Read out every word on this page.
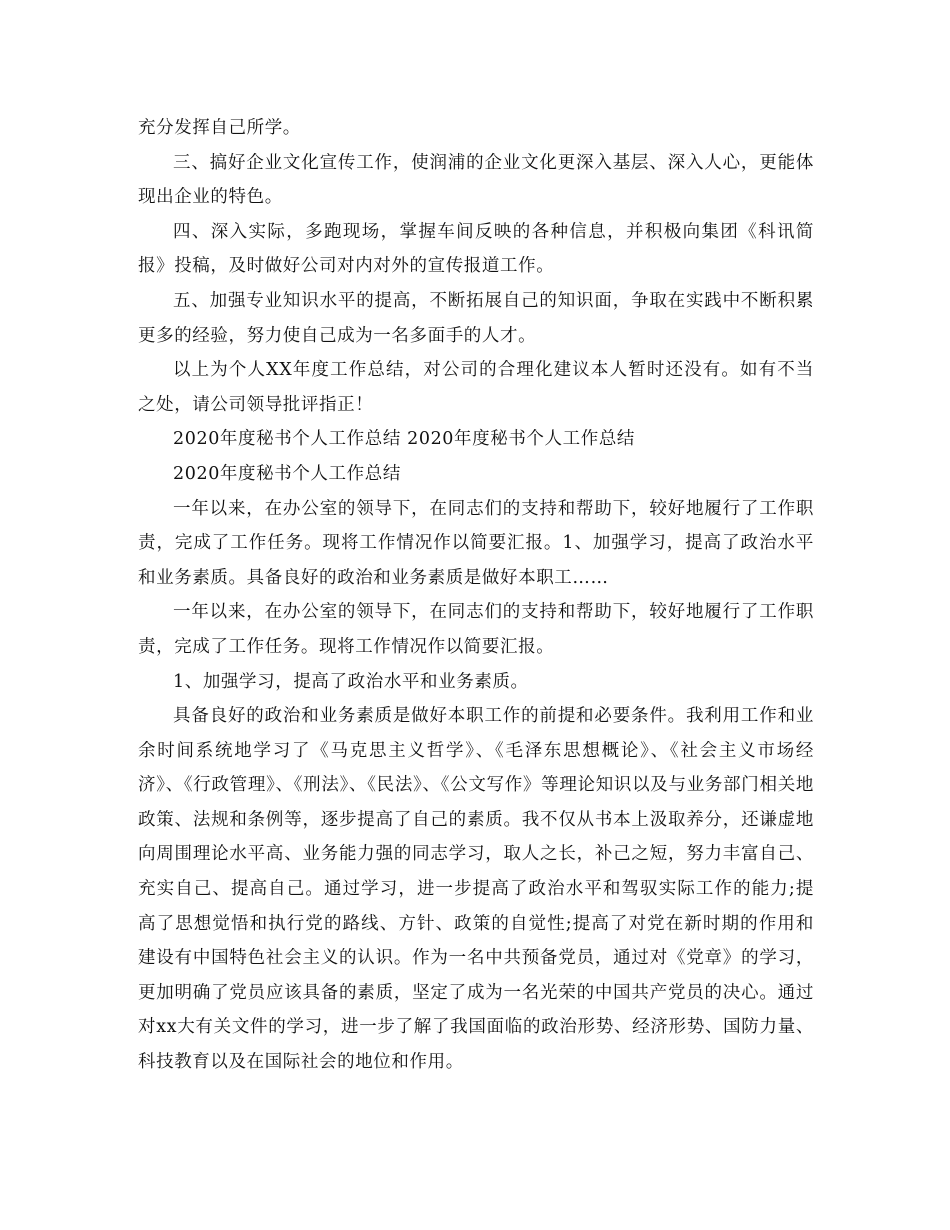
充分发挥自己所学。

三、搞好企业文化宣传工作，使润浦的企业文化更深入基层、深入人心，更能体现出企业的特色。

四、深入实际，多跑现场，掌握车间反映的各种信息，并积极向集团《科讯简报》投稿，及时做好公司对内对外的宣传报道工作。

五、加强专业知识水平的提高，不断拓展自己的知识面，争取在实践中不断积累更多的经验，努力使自己成为一名多面手的人才。

以上为个人XX年度工作总结，对公司的合理化建议本人暂时还没有。如有不当之处，请公司领导批评指正！

2020年度秘书个人工作总结 2020年度秘书个人工作总结

2020年度秘书个人工作总结

一年以来，在办公室的领导下，在同志们的支持和帮助下，较好地履行了工作职责，完成了工作任务。现将工作情况作以简要汇报。1、加强学习，提高了政治水平和业务素质。具备良好的政治和业务素质是做好本职工……

一年以来，在办公室的领导下，在同志们的支持和帮助下，较好地履行了工作职责，完成了工作任务。现将工作情况作以简要汇报。

1、加强学习，提高了政治水平和业务素质。

具备良好的政治和业务素质是做好本职工作的前提和必要条件。我利用工作和业余时间系统地学习了《马克思主义哲学》、《毛泽东思想概论》、《社会主义市场经济》、《行政管理》、《刑法》、《民法》、《公文写作》等理论知识以及与业务部门相关地政策、法规和条例等，逐步提高了自己的素质。我不仅从书本上汲取养分，还谦虚地向周围理论水平高、业务能力强的同志学习，取人之长，补己之短，努力丰富自己、充实自己、提高自己。通过学习，进一步提高了政治水平和驾驭实际工作的能力;提高了思想觉悟和执行党的路线、方针、政策的自觉性;提高了对党在新时期的作用和建设有中国特色社会主义的认识。作为一名中共预备党员，通过对《党章》的学习，更加明确了党员应该具备的素质，坚定了成为一名光荣的中国共产党员的决心。通过对xx大有关文件的学习，进一步了解了我国面临的政治形势、经济形势、国防力量、科技教育以及在国际社会的地位和作用。
